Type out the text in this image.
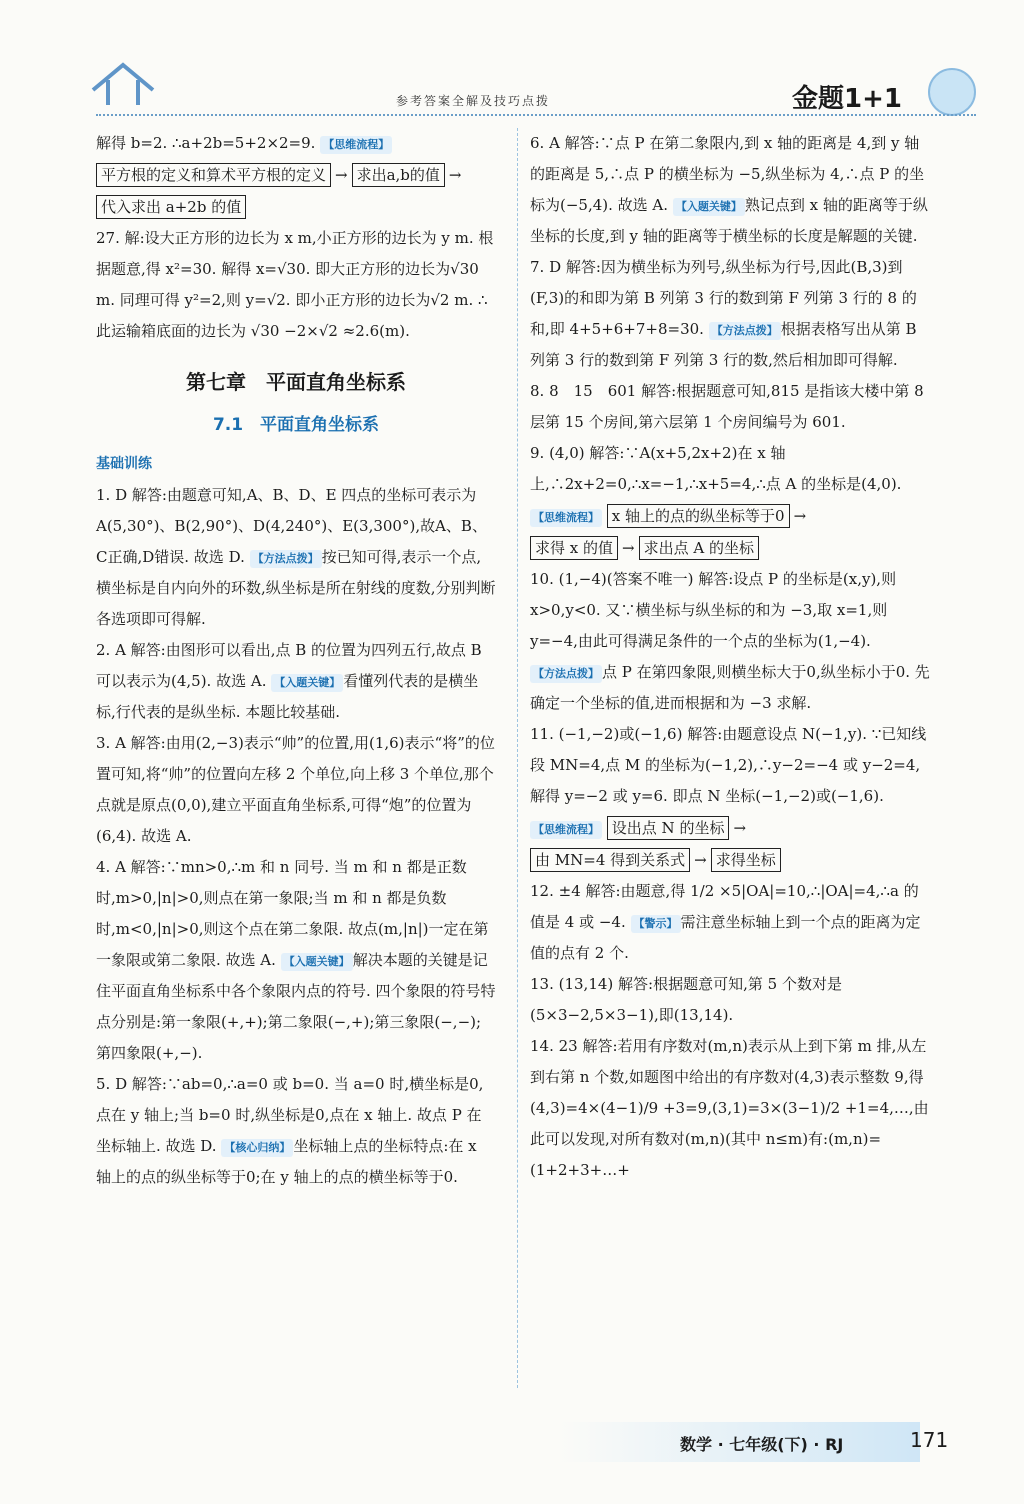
参考答案全解及技巧点拨	金题1+1

解得 b=2. ∴a+2b=5+2×2=9. 【思维流程】

平方根的定义和算术平方根的定义 → 求出a,b的值 →
代入求出 a+2b 的值

27. 解:设大正方形的边长为 x m,小正方形的边长为 y m. 根据题意,得 x²=30. 解得 x=√30. 即大正方形的边长为√30 m. 同理可得 y²=2,则 y=√2. 即小正方形的边长为√2 m. ∴此运输箱底面的边长为 √30 −2×√2 ≈2.6(m).

第七章　平面直角坐标系
7.1　平面直角坐标系

基础训练

1. D 解答:由题意可知,A、B、D、E 四点的坐标可表示为A(5,30°)、B(2,90°)、D(4,240°)、E(3,300°),故A、B、C正确,D错误. 故选 D. 【方法点拨】 按已知可得,表示一个点,横坐标是自内向外的环数,纵坐标是所在射线的度数,分别判断各选项即可得解.

2. A 解答:由图形可以看出,点 B 的位置为四列五行,故点 B 可以表示为(4,5). 故选 A. 【入题关键】 看懂列代表的是横坐标,行代表的是纵坐标. 本题比较基础.

3. A 解答:由用(2,−3)表示“帅”的位置,用(1,6)表示“将”的位置可知,将“帅”的位置向左移 2 个单位,向上移 3 个单位,那个点就是原点(0,0),建立平面直角坐标系,可得“炮”的位置为(6,4). 故选 A.

4. A 解答:∵mn>0,∴m 和 n 同号. 当 m 和 n 都是正数时,m>0,|n|>0,则点在第一象限;当 m 和 n 都是负数时,m<0,|n|>0,则这个点在第二象限. 故点(m,|n|)一定在第一象限或第二象限. 故选 A. 【入题关键】 解决本题的关键是记住平面直角坐标系中各个象限内点的符号. 四个象限的符号特点分别是:第一象限(+,+);第二象限(−,+);第三象限(−,−);第四象限(+,−).

5. D 解答:∵ab=0,∴a=0 或 b=0. 当 a=0 时,横坐标是0,点在 y 轴上;当 b=0 时,纵坐标是0,点在 x 轴上. 故点 P 在坐标轴上. 故选 D. 【核心归纳】 坐标轴上点的坐标特点:在 x 轴上的点的纵坐标等于0;在 y 轴上的点的横坐标等于0.

6. A 解答:∵点 P 在第二象限内,到 x 轴的距离是 4,到 y 轴的距离是 5,∴点 P 的横坐标为 −5,纵坐标为 4,∴点 P 的坐标为(−5,4). 故选 A. 【入题关键】 熟记点到 x 轴的距离等于纵坐标的长度,到 y 轴的距离等于横坐标的长度是解题的关键.

7. D 解答:因为横坐标为列号,纵坐标为行号,因此(B,3)到(F,3)的和即为第 B 列第 3 行的数到第 F 列第 3 行的 8 的和,即 4+5+6+7+8=30. 【方法点拨】 根据表格写出从第 B 列第 3 行的数到第 F 列第 3 行的数,然后相加即可得解.

8. 8　15　601 解答:根据题意可知,815 是指该大楼中第 8 层第 15 个房间,第六层第 1 个房间编号为 601.

9. (4,0) 解答:∵A(x+5,2x+2)在 x 轴上,∴2x+2=0,∴x=−1,∴x+5=4,∴点 A 的坐标是(4,0).

【思维流程】 x 轴上的点的纵坐标等于0 →
求得 x 的值 → 求出点 A 的坐标

10. (1,−4)(答案不唯一) 解答:设点 P 的坐标是(x,y),则 x>0,y<0. 又∵横坐标与纵坐标的和为 −3,取 x=1,则 y=−4,由此可得满足条件的一个点的坐标为(1,−4). 【方法点拨】 点 P 在第四象限,则横坐标大于0,纵坐标小于0. 先确定一个坐标的值,进而根据和为 −3 求解.

11. (−1,−2)或(−1,6) 解答:由题意设点 N(−1,y). ∵已知线段 MN=4,点 M 的坐标为(−1,2),∴y−2=−4 或 y−2=4,解得 y=−2 或 y=6. 即点 N 坐标(−1,−2)或(−1,6). 【思维流程】 设出点 N 的坐标 →
由 MN=4 得到关系式 → 求得坐标

12. ±4 解答:由题意,得 1/2 ×5|OA|=10,∴|OA|=4,∴a 的值是 4 或 −4. 【警示】 需注意坐标轴上到一个点的距离为定值的点有 2 个.

13. (13,14) 解答:根据题意可知,第 5 个数对是(5×3−2,5×3−1),即(13,14).

14. 23 解答:若用有序数对(m,n)表示从上到下第 m 排,从左到右第 n 个数,如题图中给出的有序数对(4,3)表示整数 9,得(4,3)=4×(4−1)/9 +3=9,(3,1)=3×(3−1)/2 +1=4,…,由此可以发现,对所有数对(m,n)(其中 n≤m)有:(m,n)=(1+2+3+…+

数学 · 七年级(下) · RJ	171
